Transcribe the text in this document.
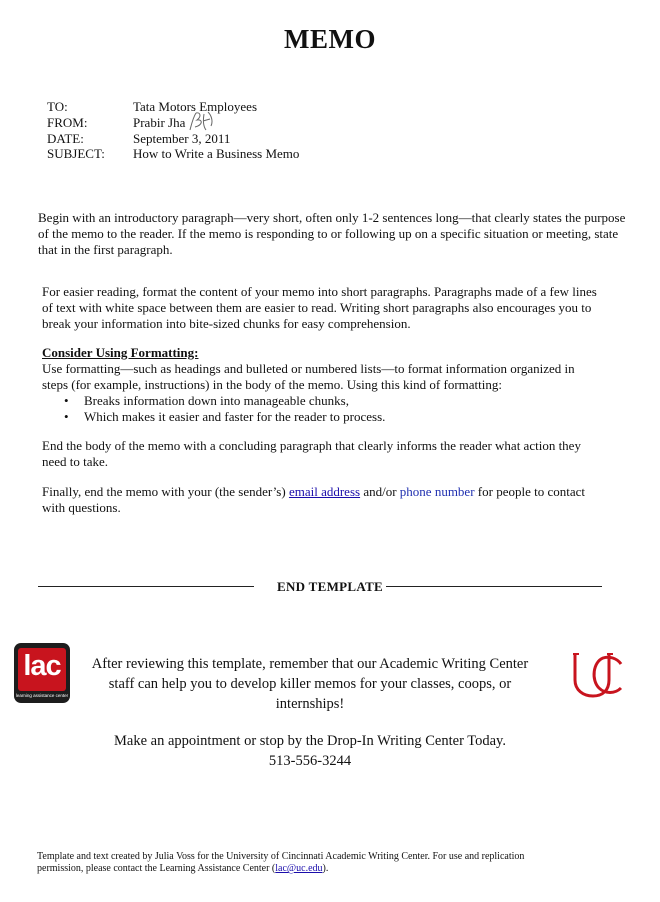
MEMO
TO:	Tata Motors Employees
FROM:	Prabir Jha
DATE:	September 3, 2011
SUBJECT: How to Write a Business Memo
Begin with an introductory paragraph—very short, often only 1-2 sentences long—that clearly states the purpose of the memo to the reader. If the memo is responding to or following up on a specific situation or meeting, state that in the first paragraph.
For easier reading, format the content of your memo into short paragraphs. Paragraphs made of a few lines of text with white space between them are easier to read. Writing short paragraphs also encourages you to break your information into bite-sized chunks for easy comprehension.
Consider Using Formatting:
Use formatting—such as headings and bulleted or numbered lists—to format information organized in steps (for example, instructions) in the body of the memo. Using this kind of formatting:
• Breaks information down into manageable chunks,
• Which makes it easier and faster for the reader to process.
End the body of the memo with a concluding paragraph that clearly informs the reader what action they need to take.
Finally, end the memo with your (the sender’s) email address and/or phone number for people to contact with questions.
END TEMPLATE
lac
learning assistance center
After reviewing this template, remember that our Academic Writing Center staff can help you to develop killer memos for your classes, coops, or internships!
Make an appointment or stop by the Drop-In Writing Center Today.
513-556-3244
Template and text created by Julia Voss for the University of Cincinnati Academic Writing Center. For use and replication
permission, please contact the Learning Assistance Center (lac@uc.edu).
